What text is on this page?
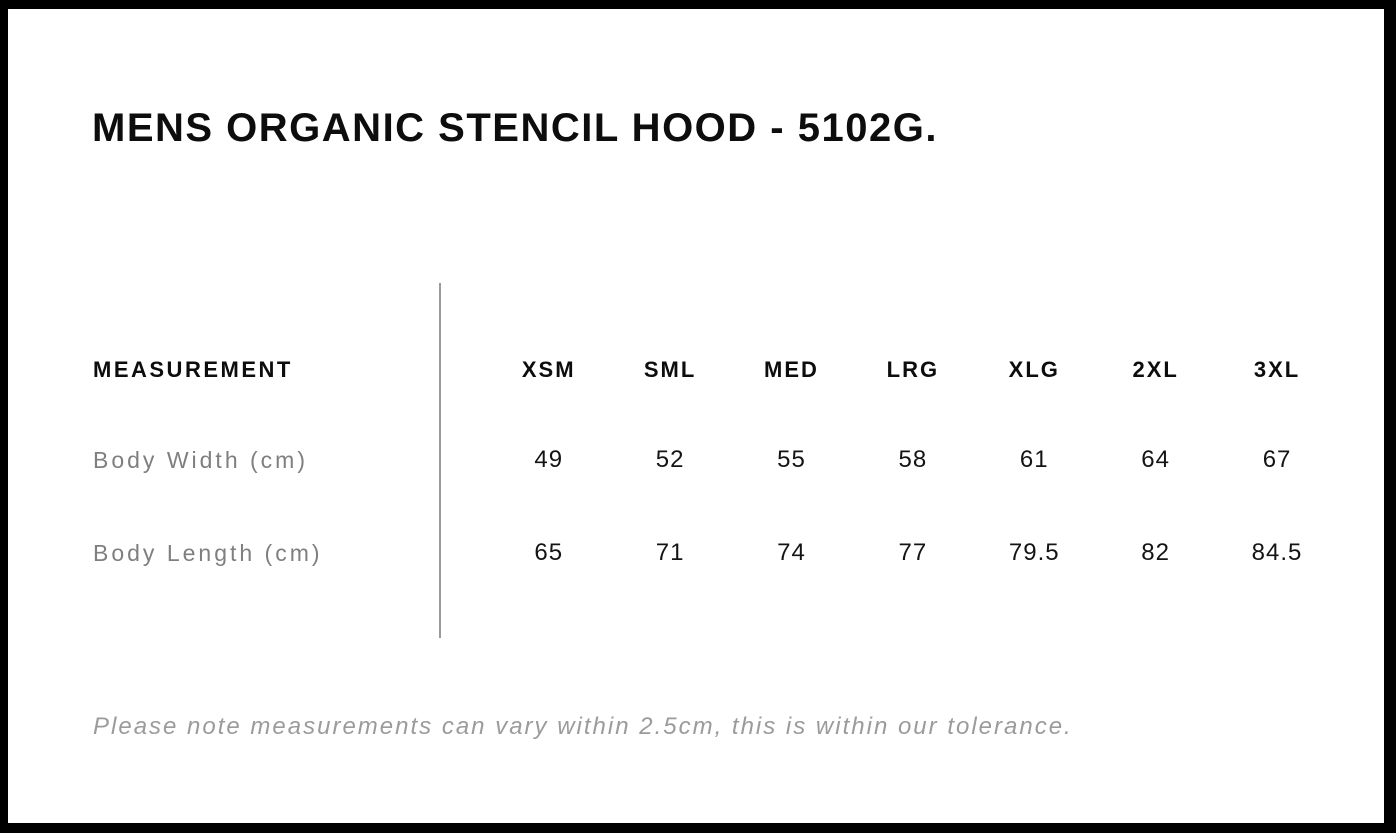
MENS ORGANIC STENCIL HOOD - 5102G.
MEASUREMENT	XSM	SML	MED	LRG	XLG	2XL	3XL
Body Width (cm)	49	52	55	58	61	64	67
Body Length (cm)	65	71	74	77	79.5	82	84.5

Please note measurements can vary within 2.5cm, this is within our tolerance.
